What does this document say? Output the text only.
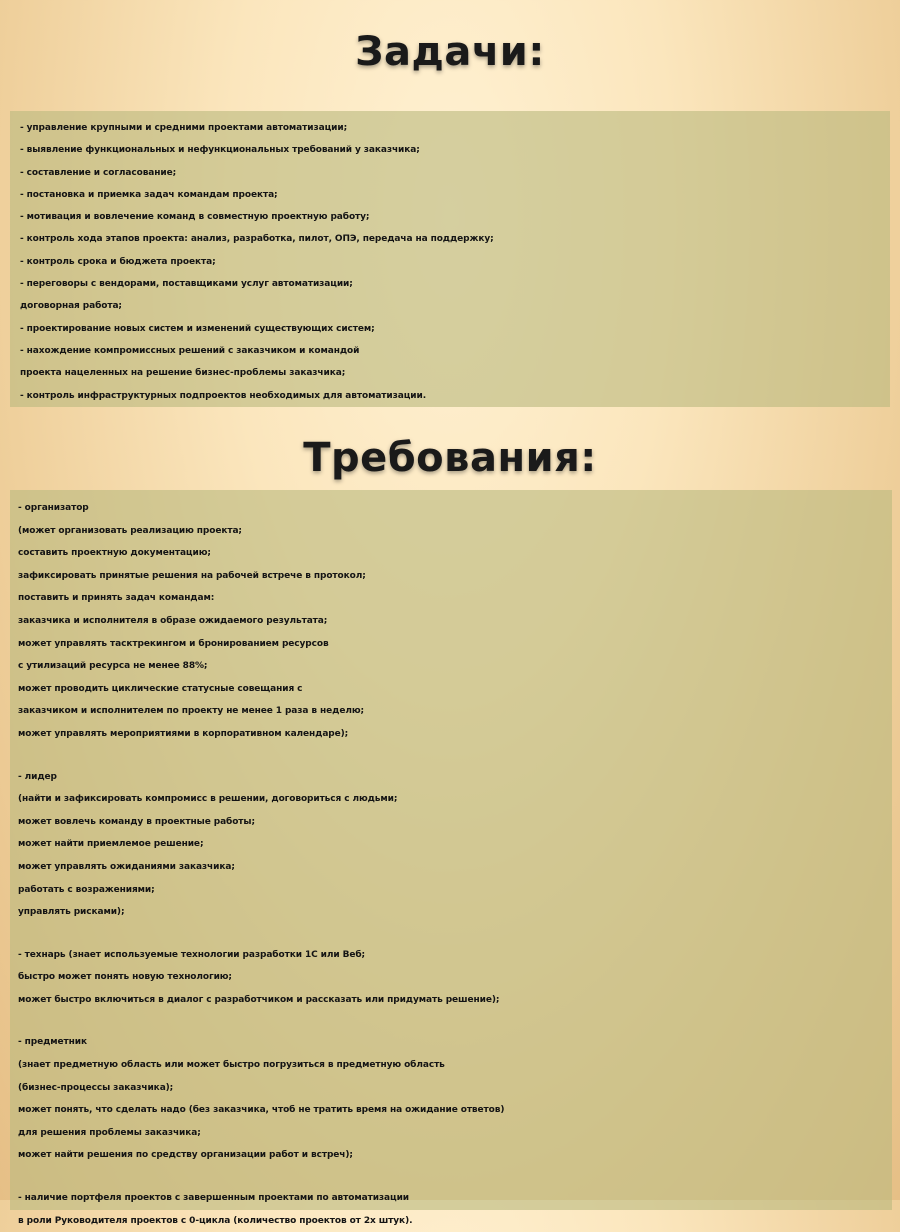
Задачи:
- управление крупными и средними проектами автоматизации;
- выявление функциональных и нефункциональных требований у заказчика;
- составление и согласование;
- постановка и приемка задач командам проекта;
- мотивация и вовлечение команд в совместную проектную работу;
- контроль хода этапов проекта: анализ, разработка, пилот, ОПЭ, передача на поддержку;
- контроль срока и бюджета проекта;
- переговоры с вендорами, поставщиками услуг автоматизации;
договорная работа;
- проектирование новых систем и изменений существующих систем;
- нахождение компромиссных решений с заказчиком и командой
проекта нацеленных на решение бизнес-проблемы заказчика;
- контроль инфраструктурных подпроектов необходимых для автоматизации.
Требования:
- организатор
(может организовать реализацию проекта;
составить проектную документацию;
зафиксировать принятые решения на рабочей встрече в протокол;
поставить и принять задач командам:
заказчика и исполнителя в образе ожидаемого результата;
может управлять тасктрекингом и бронированием ресурсов
с утилизаций ресурса не менее 88%;
может проводить циклические статусные совещания с
заказчиком и исполнителем по проекту не менее 1 раза в неделю;
может управлять мероприятиями в корпоративном календаре);
- лидер
(найти и зафиксировать компромисс в решении, договориться с людьми;
может вовлечь команду в проектные работы;
может найти приемлемое решение;
может управлять ожиданиями заказчика;
работать с возражениями;
управлять рисками);
- технарь (знает используемые технологии разработки 1С или Веб;
быстро может понять новую технологию;
может быстро включиться в диалог с разработчиком и рассказать или придумать решение);
- предметник
(знает предметную область или может быстро погрузиться в предметную область
(бизнес-процессы заказчика);
может понять, что сделать надо (без заказчика, чтоб не тратить время на ожидание ответов)
для решения проблемы заказчика;
может найти решения по средству организации работ и встреч);
- наличие портфеля проектов с завершенным проектами по автоматизации
в роли Руководителя проектов с 0-цикла (количество проектов от 2х штук).
